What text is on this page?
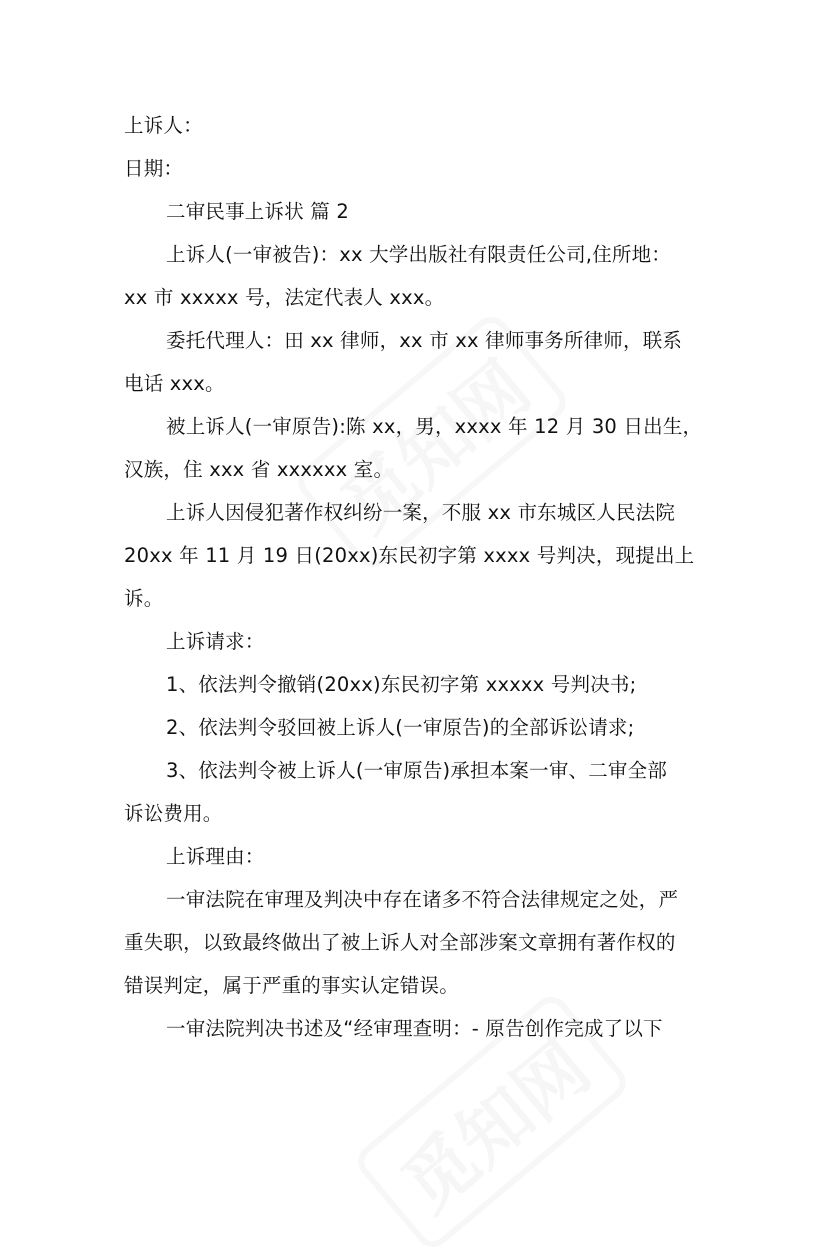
上诉人：
日期：
二审民事上诉状 篇 2
上诉人(一审被告)：xx 大学出版社有限责任公司,住所地：
xx 市 xxxxx 号，法定代表人 xxx。
委托代理人：田 xx 律师，xx 市 xx 律师事务所律师，联系
电话 xxx。
被上诉人(一审原告):陈 xx，男，xxxx 年 12 月 30 日出生，
汉族，住 xxx 省 xxxxxx 室。
上诉人因侵犯著作权纠纷一案，不服 xx 市东城区人民法院
20xx 年 11 月 19 日(20xx)东民初字第 xxxx 号判决，现提出上
诉。
上诉请求：
1、依法判令撤销(20xx)东民初字第 xxxxx 号判决书;
2、依法判令驳回被上诉人(一审原告)的全部诉讼请求;
3、依法判令被上诉人(一审原告)承担本案一审、二审全部
诉讼费用。
上诉理由：
一审法院在审理及判决中存在诸多不符合法律规定之处，严
重失职，以致最终做出了被上诉人对全部涉案文章拥有著作权的
错误判定，属于严重的事实认定错误。
一审法院判决书述及“经审理查明：- 原告创作完成了以下
